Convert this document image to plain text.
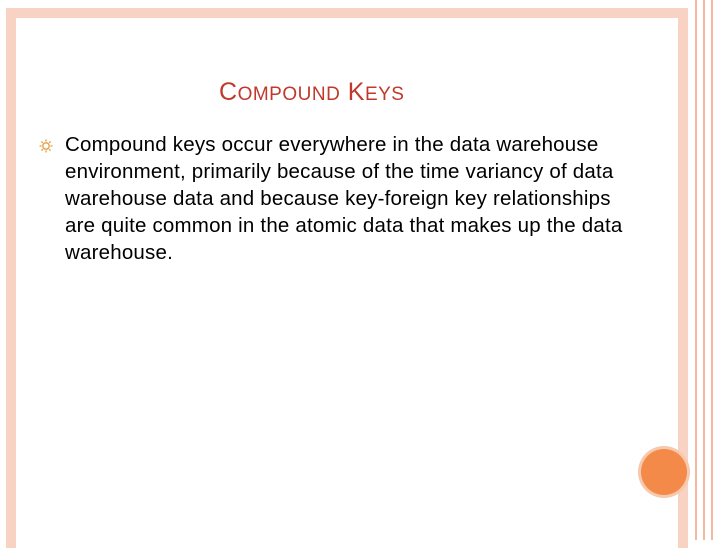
COMPOUND KEYS
Compound keys occur everywhere in the data warehouse environment, primarily because of the time variancy of data warehouse data and because key-foreign key relationships are quite common in the atomic data that makes up the data warehouse.
